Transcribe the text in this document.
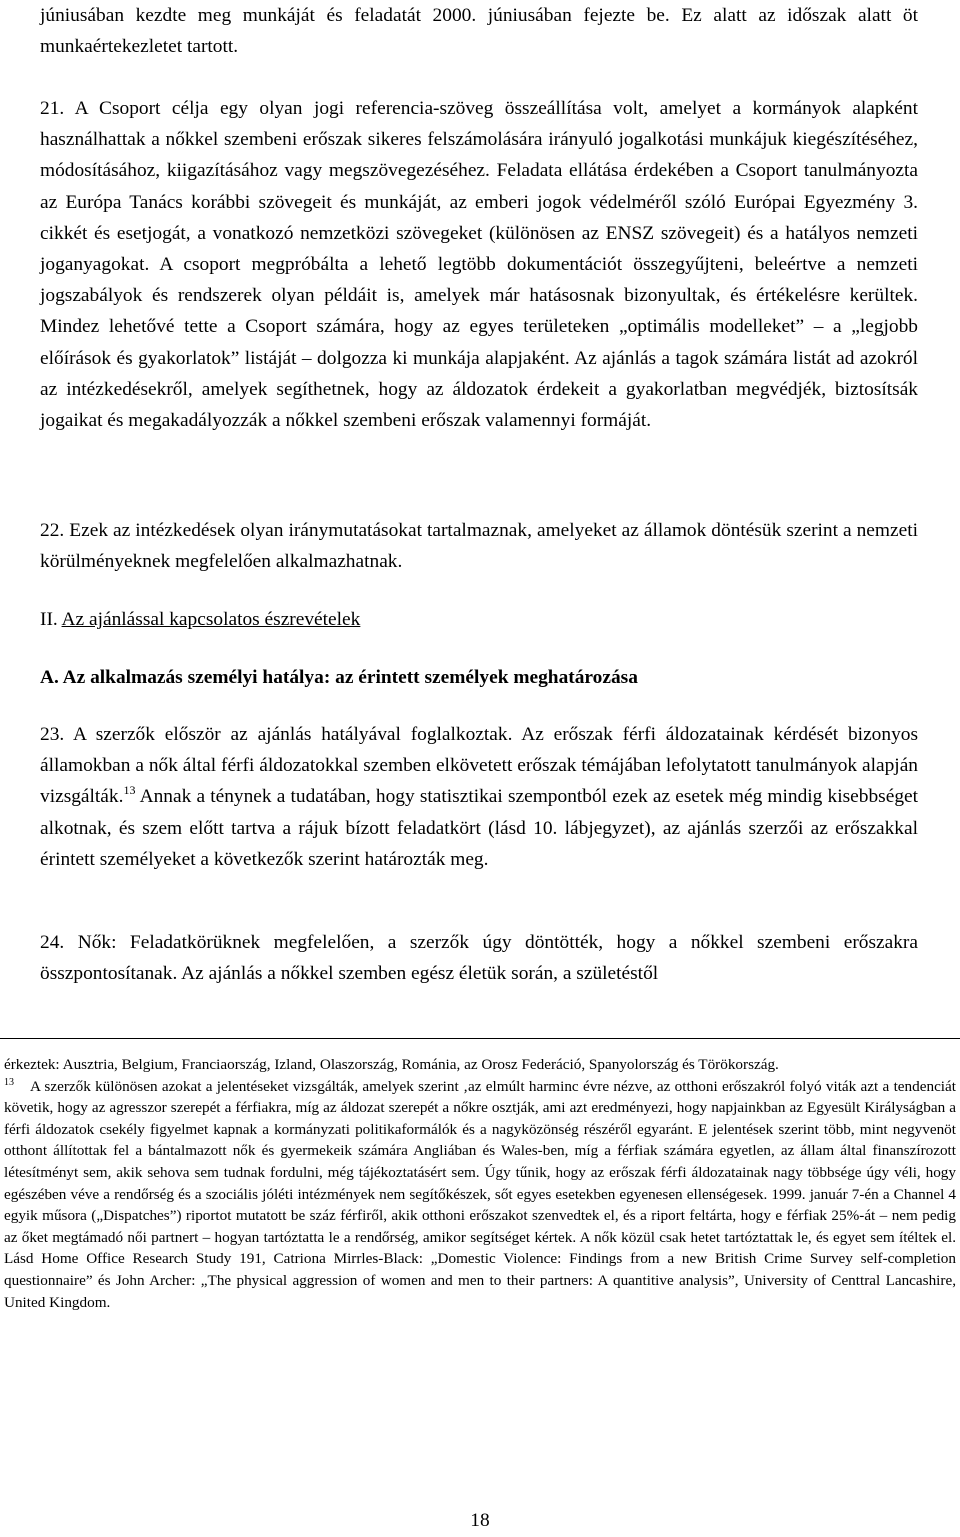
júniusában kezdte meg munkáját és feladatát 2000. júniusában fejezte be. Ez alatt az időszak alatt öt munkaértekezletet tartott.

21. A Csoport célja egy olyan jogi referencia-szöveg összeállítása volt, amelyet a kormányok alapként használhattak a nőkkel szembeni erőszak sikeres felszámolására irányuló jogalkotási munkájuk kiegészítéséhez, módosításához, kiigazításához vagy megszövegezéséhez. Feladata ellátása érdekében a Csoport tanulmányozta az Európa Tanács korábbi szövegeit és munkáját, az emberi jogok védelméről szóló Európai Egyezmény 3. cikkét és esetjogát, a vonatkozó nemzetközi szövegeket (különösen az ENSZ szövegeit) és a hatályos nemzeti joganyagokat. A csoport megpróbálta a lehető legtöbb dokumentációt összegyűjteni, beleértve a nemzeti jogszabályok és rendszerek olyan példáit is, amelyek már hatásosnak bizonyultak, és értékelésre kerültek. Mindez lehetővé tette a Csoport számára, hogy az egyes területeken „optimális modelleket” – a „legjobb előírások és gyakorlatok” listáját – dolgozza ki munkája alapjaként. Az ajánlás a tagok számára listát ad azokról az intézkedésekről, amelyek segíthetnek, hogy az áldozatok érdekeit a gyakorlatban megvédjék, biztosítsák jogaikat és megakadályozzák a nőkkel szembeni erőszak valamennyi formáját.

22. Ezek az intézkedések olyan iránymutatásokat tartalmaznak, amelyeket az államok döntésük szerint a nemzeti körülményeknek megfelelően alkalmazhatnak.

II. Az ajánlással kapcsolatos észrevételek

A. Az alkalmazás személyi hatálya: az érintett személyek meghatározása

23. A szerzők először az ajánlás hatályával foglalkoztak. Az erőszak férfi áldozatainak kérdését bizonyos államokban a nők által férfi áldozatokkal szemben elkövetett erőszak témájában lefolytatott tanulmányok alapján vizsgálták.$^{13}$ Annak a ténynek a tudatában, hogy statisztikai szempontból ezek az esetek még mindig kisebbséget alkotnak, és szem előtt tartva a rájuk bízott feladatkört (lásd 10. lábjegyzet), az ajánlás szerzői az erőszakkal érintett személyeket a következők szerint határozták meg.

24. Nők: Feladatkörüknek megfelelően, a szerzők úgy döntötték, hogy a nőkkel szembeni erőszakra összpontosítanak. Az ajánlás a nőkkel szemben egész életük során, a születéstől

érkeztek: Ausztria, Belgium, Franciaország, Izland, Olaszország, Románia, az Orosz Federáció, Spanyolország és Törökország.

$^{13}$ A szerzők különösen azokat a jelentéseket vizsgálták, amelyek szerint ‚az elmúlt harminc évre nézve, az otthoni erőszakról folyó viták azt a tendenciát követik, hogy az agresszor szerepét a férfiakra, míg az áldozat szerepét a nőkre osztják, ami azt eredményezi, hogy napjainkban az Egyesült Királyságban a férfi áldozatok csekély figyelmet kapnak a kormányzati politikaformálók és a nagyközönség részéről egyaránt. E jelentések szerint több, mint negyvenöt otthont állítottak fel a bántalmazott nők és gyermekeik számára Angliában és Wales-ben, míg a férfiak számára egyetlen, az állam által finanszírozott létesítményt sem, akik sehova sem tudnak fordulni, még tájékoztatásért sem. Úgy tűnik, hogy az erőszak férfi áldozatainak nagy többsége úgy véli, hogy egészében véve a rendőrség és a szociális jóléti intézmények nem segítőkészek, sőt egyes esetekben egyenesen ellenségesek. 1999. január 7-én a Channel 4 egyik műsora („Dispatches”) riportot mutatott be száz férfiről, akik otthoni erőszakot szenvedtek el, és a riport feltárta, hogy e férfiak 25%-át – nem pedig az őket megtámadó női partnert – hogyan tartóztatta le a rendőrség, amikor segítséget kértek. A nők közül csak hetet tartóztattak le, és egyet sem ítéltek el. Lásd Home Office Research Study 191, Catriona Mirrles-Black: „Domestic Violence: Findings from a new British Crime Survey self-completion questionnaire” és John Archer: „The physical aggression of women and men to their partners: A quantitive analysis”, University of Centtral Lancashire, United Kingdom.

18
